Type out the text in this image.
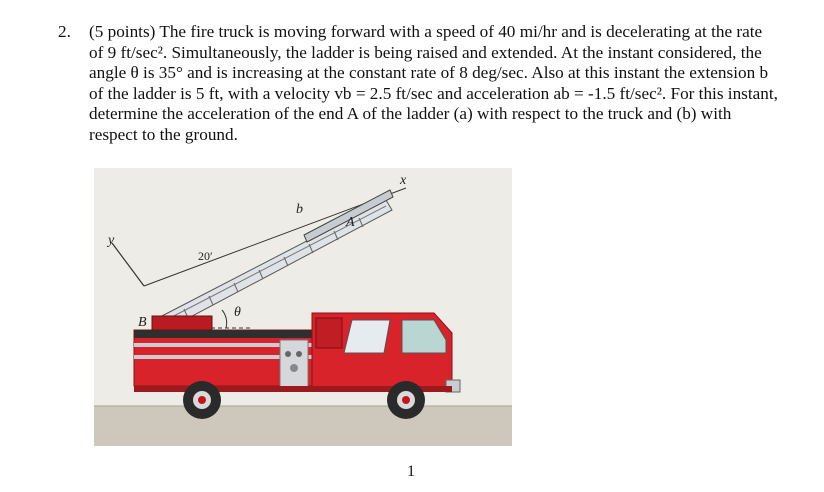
2.	(5 points) The fire truck is moving forward with a speed of 40 mi/hr and is decelerating at the rate of 9 ft/sec². Simultaneously, the ladder is being raised and extended. At the instant considered, the angle θ is 35° and is increasing at the constant rate of 8 deg/sec. Also at this instant the extension b of the ladder is 5 ft, with a velocity vb = 2.5 ft/sec and acceleration ab = -1.5 ft/sec². For this instant, determine the acceleration of the end A of the ladder (a) with respect to the truck and (b) with respect to the ground.
y
x
b
A
20′
B
θ
1
